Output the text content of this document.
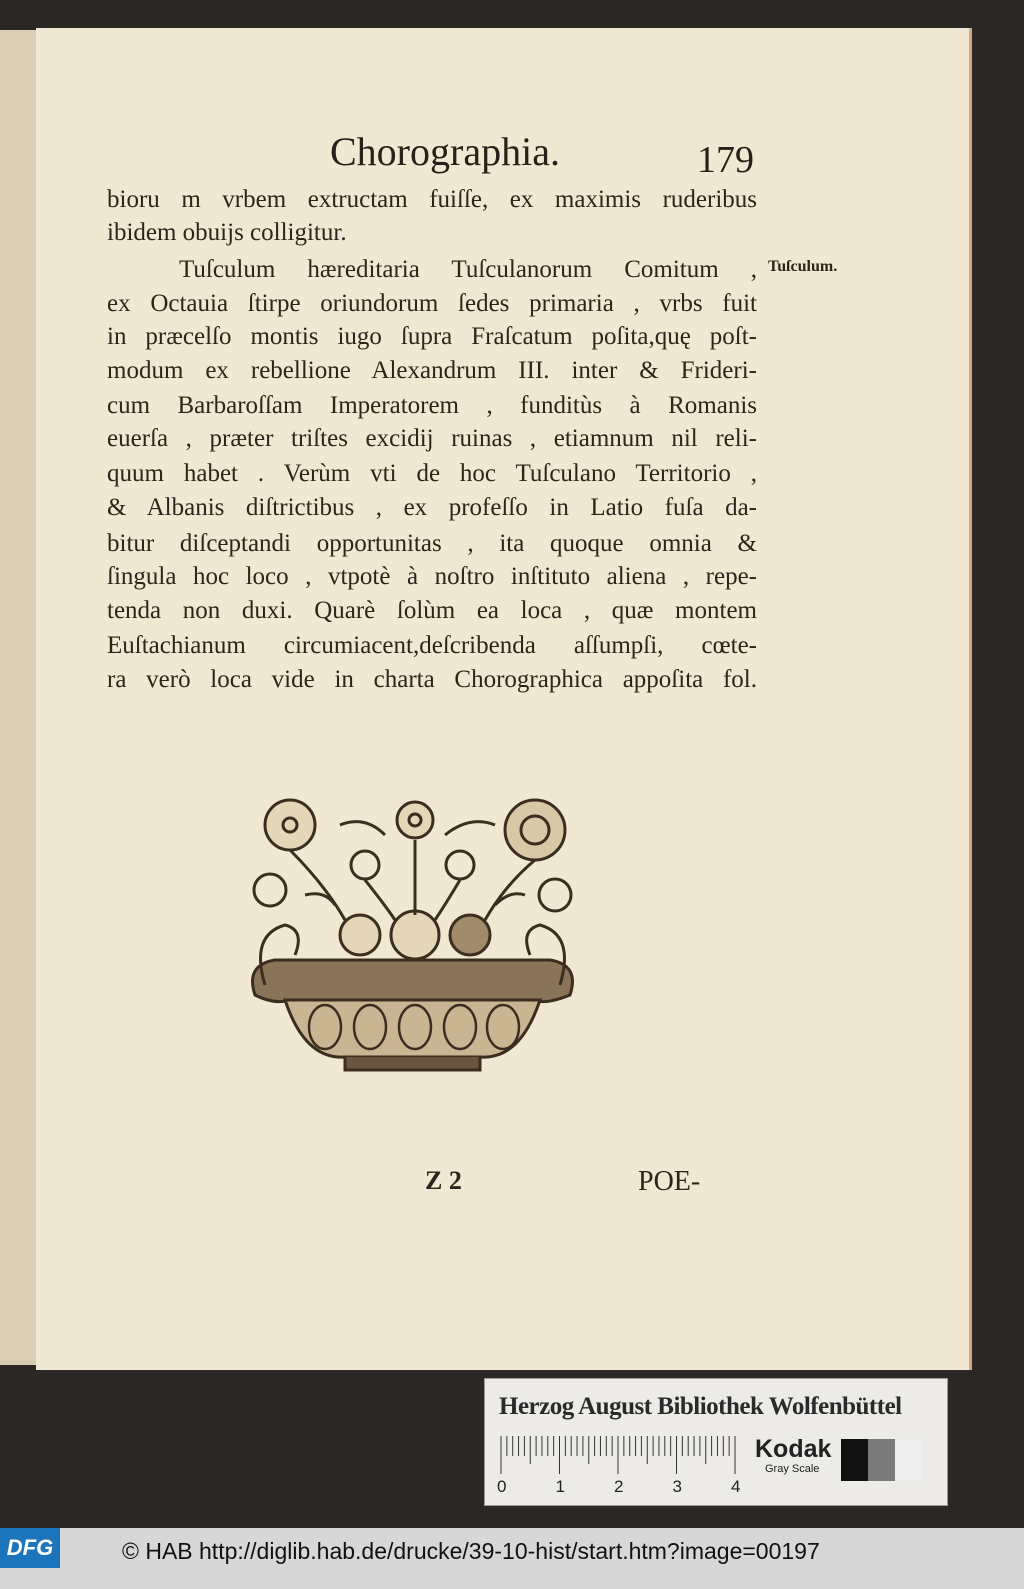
Chorographia.	179
Tuſculum.
bioru m vrbem extructam fuiſſe, ex maximis ruderibus
ibidem obuijs colligitur.
Tuſculum hæreditaria Tuſculanorum Comitum ,
ex Octauia ſtirpe oriundorum ſedes primaria , vrbs fuit
in præcelſo montis iugo ſupra Fraſcatum poſita,quę poſt-
modum ex rebellione Alexandrum III. inter & Frideri-
cum Barbaroſſam Imperatorem , funditùs à Romanis
euerſa , præter triſtes excidij ruinas , etiamnum nil reli-
quum habet . Verùm vti de hoc Tuſculano Territorio ,
& Albanis diſtrictibus , ex profeſſo in Latio fuſa da-
bitur diſceptandi opportunitas , ita quoque omnia &
ſingula hoc loco , vtpotè à noſtro inſtituto aliena , repe-
tenda non duxi. Quarè ſolùm ea loca , quæ montem
Euſtachianum circumiacent,deſcribenda aſſumpſi, cœte-
ra verò loca vide in charta Chorographica appoſita fol.
Z 2	POE-
Herzog August Bibliothek Wolfenbüttel
0	1	2	3	4
Kodak
Gray Scale
DFG	© HAB http://diglib.hab.de/drucke/39-10-hist/start.htm?image=00197
